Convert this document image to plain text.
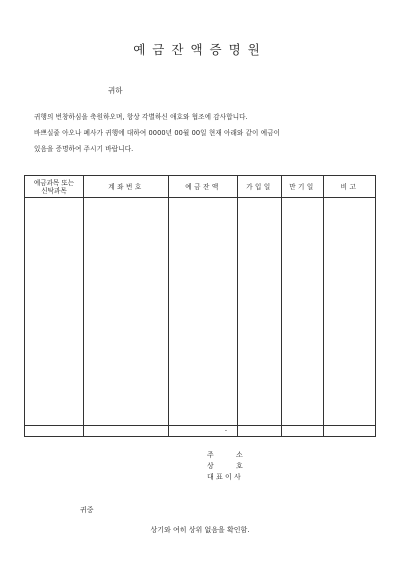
예금잔액증명원
귀하
귀행의 번창하심을 축원하오며, 항상 각별하신 애호와 협조에 감사합니다.
바쁘실줄 아오나 폐사가 귀행에 대하여 0000년 00월 00일 현재 아래와 같이 예금이
있음을 증명하여 주시기 바랍니다.
예금과목 또는
신탁과목	계좌번호	예금잔액	가입일	만기일	비고

		-			
주          소
상          호
대 표 이 사
귀중
상기와 여히 상위 없음을 확인함.
